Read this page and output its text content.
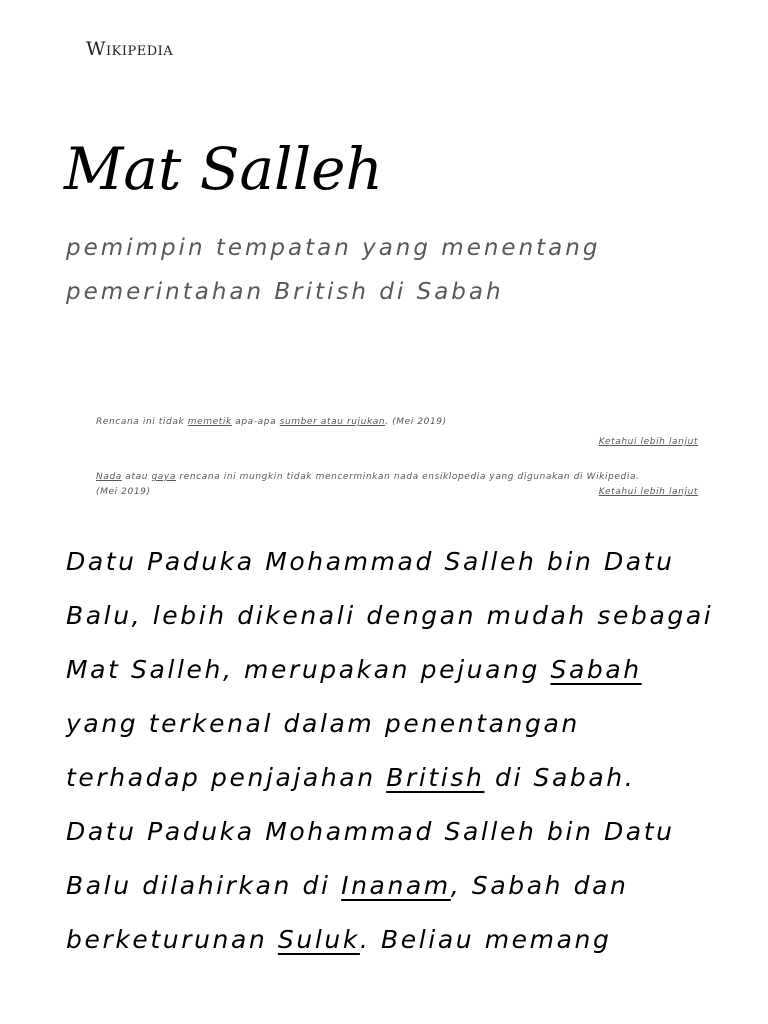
Wikipedia
Mat Salleh
pemimpin tempatan yang menentang pemerintahan British di Sabah
Rencana ini tidak memetik apa-apa sumber atau rujukan. (Mei 2019)
Ketahui lebih lanjut
Nada atau gaya rencana ini mungkin tidak mencerminkan nada ensiklopedia yang digunakan di Wikipedia.
(Mei 2019)	Ketahui lebih lanjut
Datu Paduka Mohammad Salleh bin Datu Balu, lebih dikenali dengan mudah sebagai Mat Salleh, merupakan pejuang Sabah yang terkenal dalam penentangan terhadap penjajahan British di Sabah. Datu Paduka Mohammad Salleh bin Datu Balu dilahirkan di Inanam, Sabah dan berketurunan Suluk. Beliau memang
